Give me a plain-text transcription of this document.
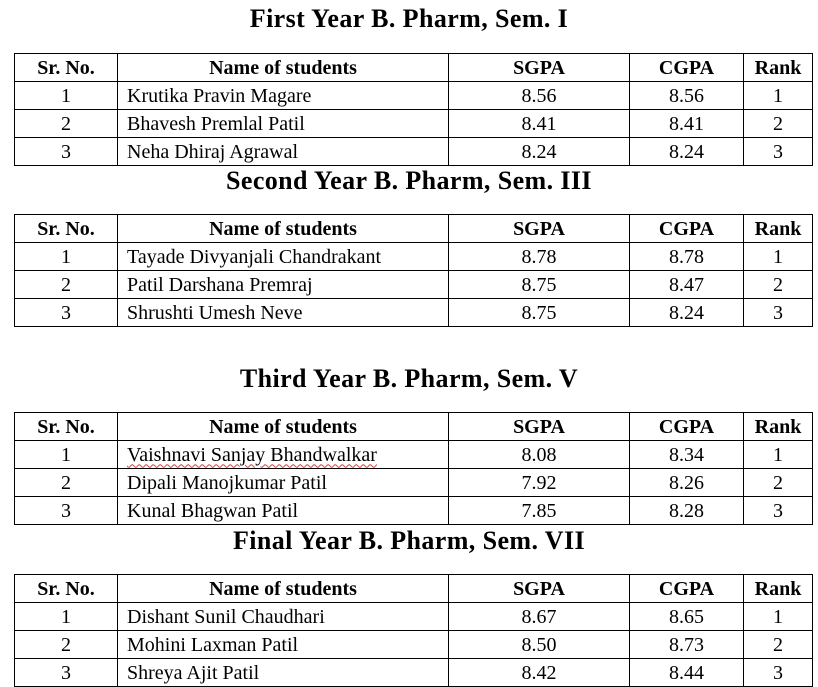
First Year B. Pharm, Sem. I
Sr. No.	Name of students	SGPA	CGPA	Rank
1	Krutika Pravin Magare	8.56	8.56	1
2	Bhavesh Premlal Patil	8.41	8.41	2
3	Neha Dhiraj Agrawal	8.24	8.24	3
Second Year B. Pharm, Sem. III
Sr. No.	Name of students	SGPA	CGPA	Rank
1	Tayade Divyanjali Chandrakant	8.78	8.78	1
2	Patil Darshana Premraj	8.75	8.47	2
3	Shrushti Umesh Neve	8.75	8.24	3
Third Year B. Pharm, Sem. V
Sr. No.	Name of students	SGPA	CGPA	Rank
1	Vaishnavi Sanjay Bhandwalkar	8.08	8.34	1
2	Dipali Manojkumar Patil	7.92	8.26	2
3	Kunal Bhagwan Patil	7.85	8.28	3
Final Year B. Pharm, Sem. VII
Sr. No.	Name of students	SGPA	CGPA	Rank
1	Dishant Sunil Chaudhari	8.67	8.65	1
2	Mohini Laxman Patil	8.50	8.73	2
3	Shreya Ajit Patil	8.42	8.44	3
